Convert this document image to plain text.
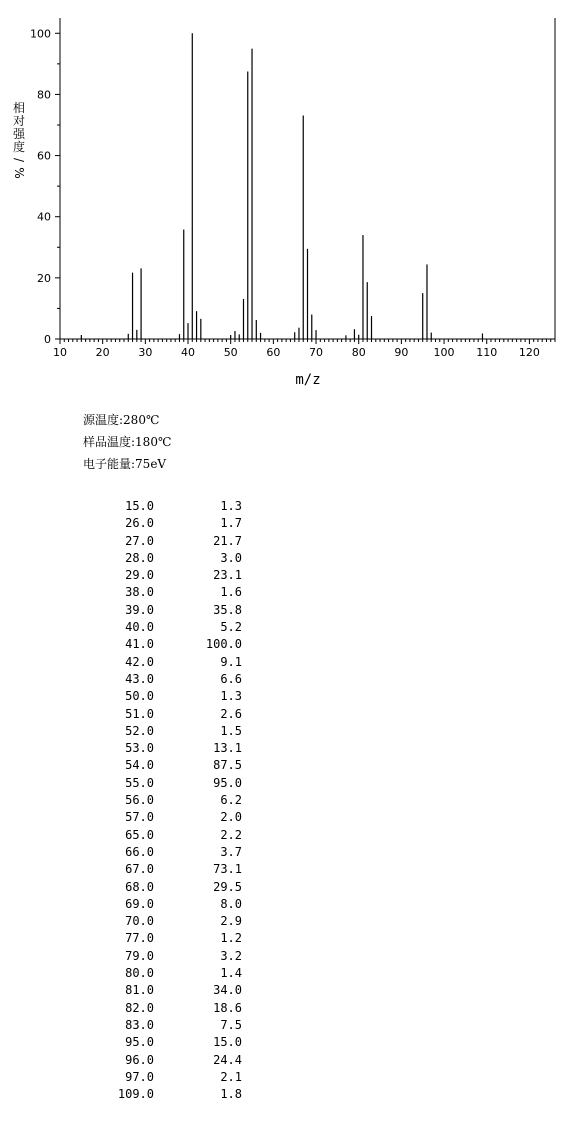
10	20	30	40	50	60	70	80	90 100 110 120
0
20
40
60
80
100
m/z
相
对
强
度
/
%
源温度:280℃
样品温度:180℃
电子能量:75eV
15.0	1.3
26.0	1.7
27.0	21.7
28.0	3.0
29.0	23.1
38.0	1.6
39.0	35.8
40.0	5.2
41.0	100.0
42.0	9.1
43.0	6.6
50.0	1.3
51.0	2.6
52.0	1.5
53.0	13.1
54.0	87.5
55.0	95.0
56.0	6.2
57.0	2.0
65.0	2.2
66.0	3.7
67.0	73.1
68.0	29.5
69.0	8.0
70.0	2.9
77.0	1.2
79.0	3.2
80.0	1.4
81.0	34.0
82.0	18.6
83.0	7.5
95.0	15.0
96.0	24.4
97.0	2.1
109.0	1.8
